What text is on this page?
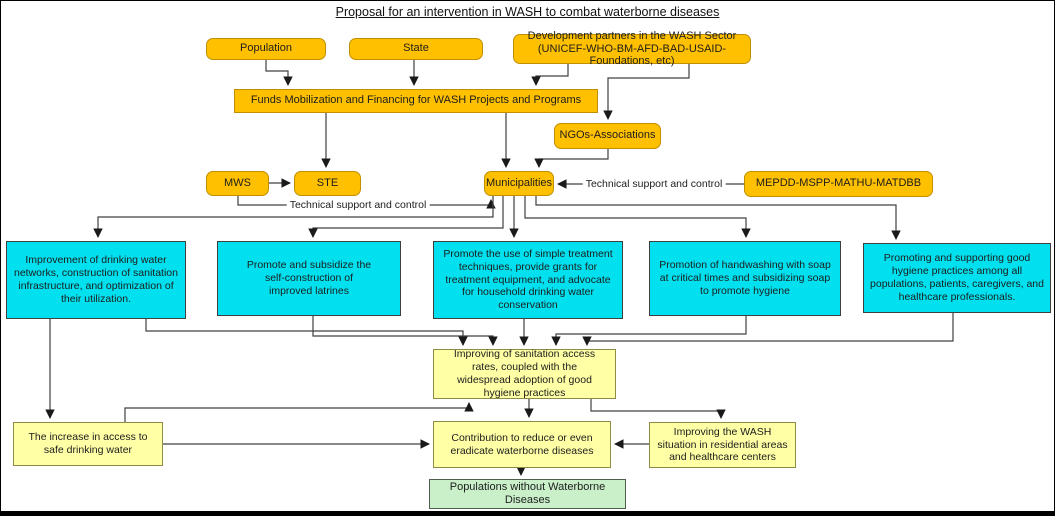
Proposal for an intervention in WASH to combat waterborne diseases
Population	State
Development partners in the WASH Sector (UNICEF-WHO-BM-AFD-BAD-USAID-Foundations, etc)
Funds Mobilization and Financing for WASH Projects and Programs
NGOs-Associations
MWS	STE	Municipalities	MEPDD-MSPP-MATHU-MATDBB
Improvement of drinking water networks, construction of sanitation infrastructure, and optimization of their utilization.
Promote and subsidize the self-construction of improved latrines
Promote the use of simple treatment techniques, provide grants for treatment equipment, and advocate for household drinking water conservation
Promotion of handwashing with soap at critical times and subsidizing soap to promote hygiene
Promoting and supporting good hygiene practices among all populations, patients, caregivers, and healthcare professionals.
Improving of sanitation access rates, coupled with the widespread adoption of good hygiene practices
The increase in access to safe drinking water
Contribution to reduce or even eradicate waterborne diseases
Improving the WASH situation in residential areas and healthcare centers
Populations without Waterborne Diseases
Technical support and control
Technical support and control
